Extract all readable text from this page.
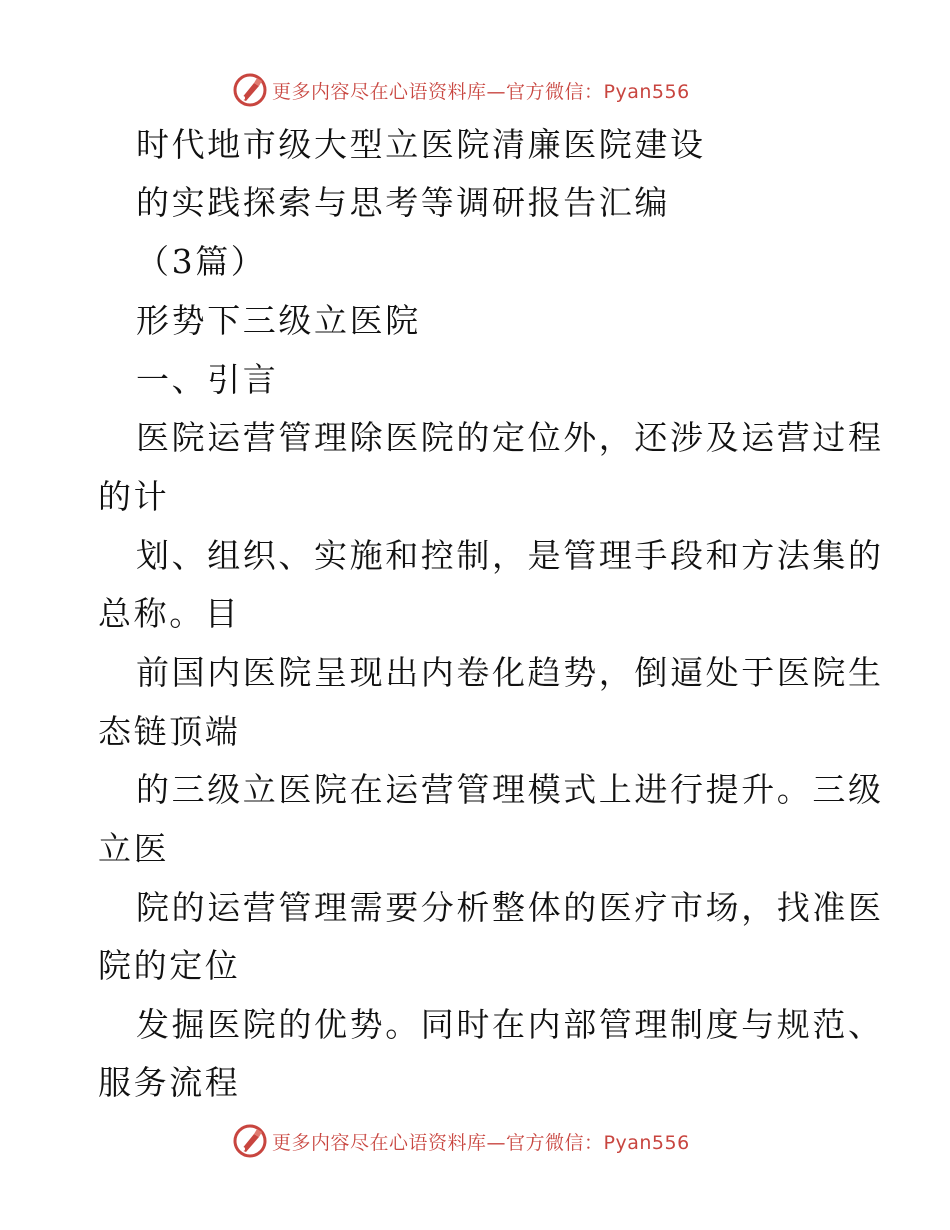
更多内容尽在心语资料库—官方微信：Pyan556
时代地市级大型立医院清廉医院建设
的实践探索与思考等调研报告汇编
（3篇）
形势下三级立医院
一、引言
医院运营管理除医院的定位外，还涉及运营过程
的计
划、组织、实施和控制，是管理手段和方法集的
总称。目
前国内医院呈现出内卷化趋势，倒逼处于医院生
态链顶端
的三级立医院在运营管理模式上进行提升。三级
立医
院的运营管理需要分析整体的医疗市场，找准医
院的定位
发掘医院的优势。同时在内部管理制度与规范、
服务流程
更多内容尽在心语资料库—官方微信：Pyan556
